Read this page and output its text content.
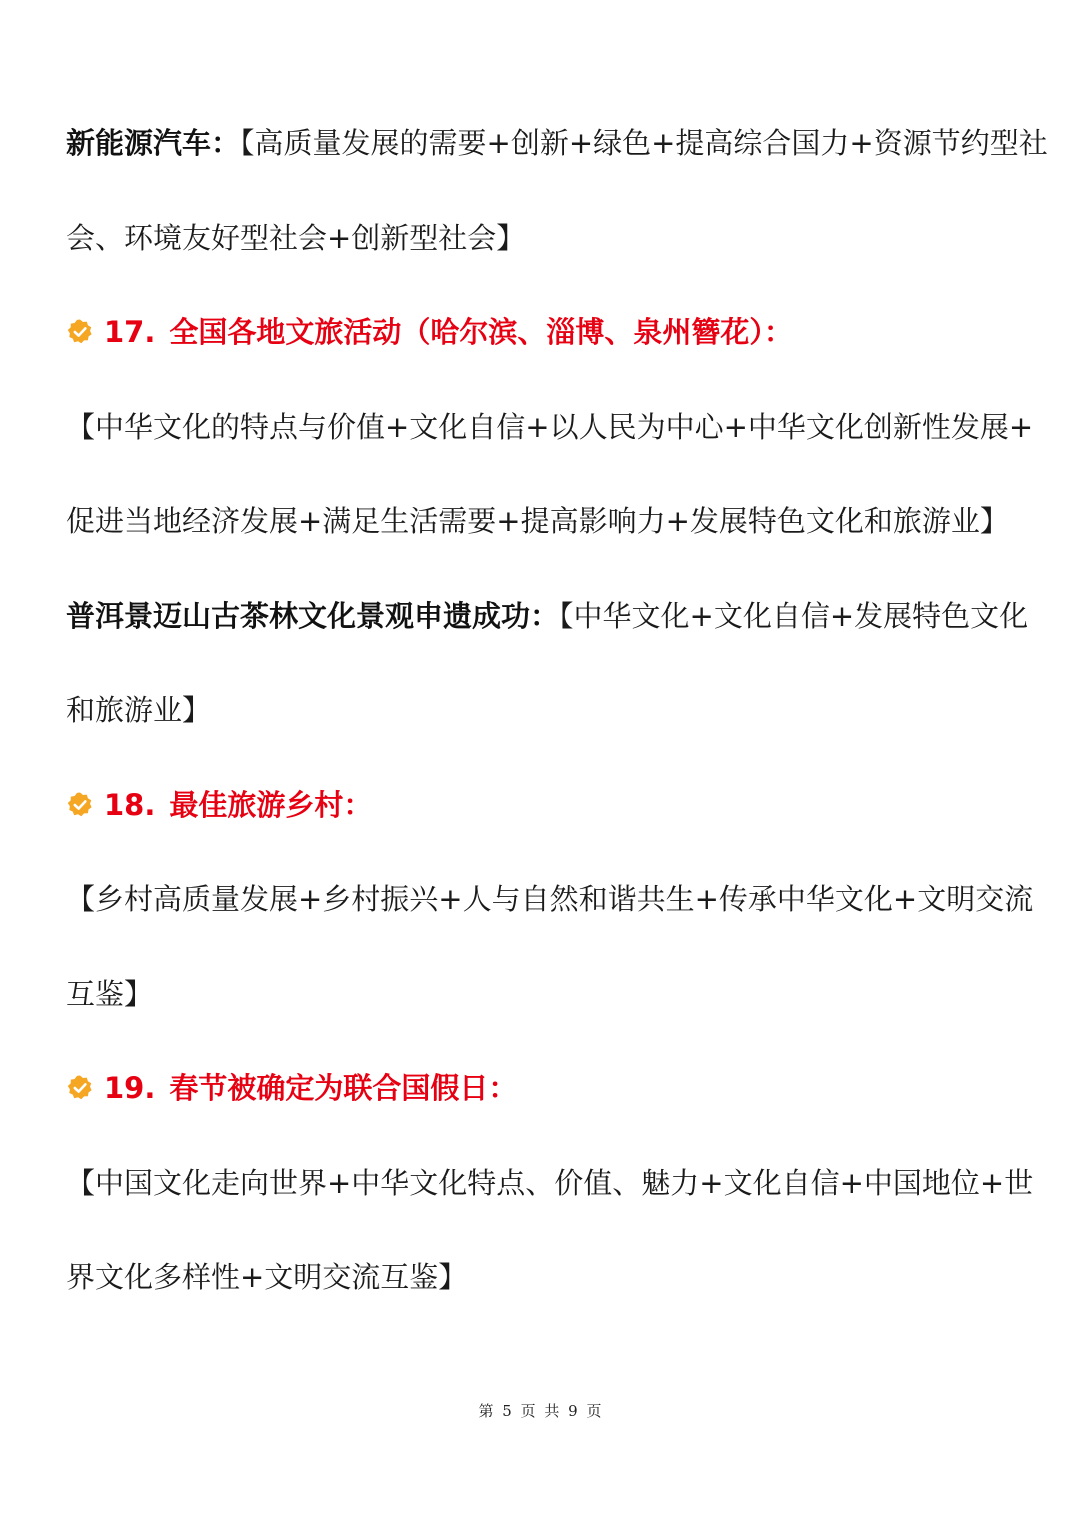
新能源汽车：【高质量发展的需要+创新+绿色+提高综合国力+资源节约型社
会、环境友好型社会+创新型社会】
17. 全国各地文旅活动（哈尔滨、淄博、泉州簪花）：
【中华文化的特点与价值+文化自信+以人民为中心+中华文化创新性发展+
促进当地经济发展+满足生活需要+提高影响力+发展特色文化和旅游业】
普洱景迈山古茶林文化景观申遗成功：【中华文化+文化自信+发展特色文化
和旅游业】
18. 最佳旅游乡村：
【乡村高质量发展+乡村振兴+人与自然和谐共生+传承中华文化+文明交流
互鉴】
19. 春节被确定为联合国假日：
【中国文化走向世界+中华文化特点、价值、魅力+文化自信+中国地位+世
界文化多样性+文明交流互鉴】
第 5 页 共 9 页
